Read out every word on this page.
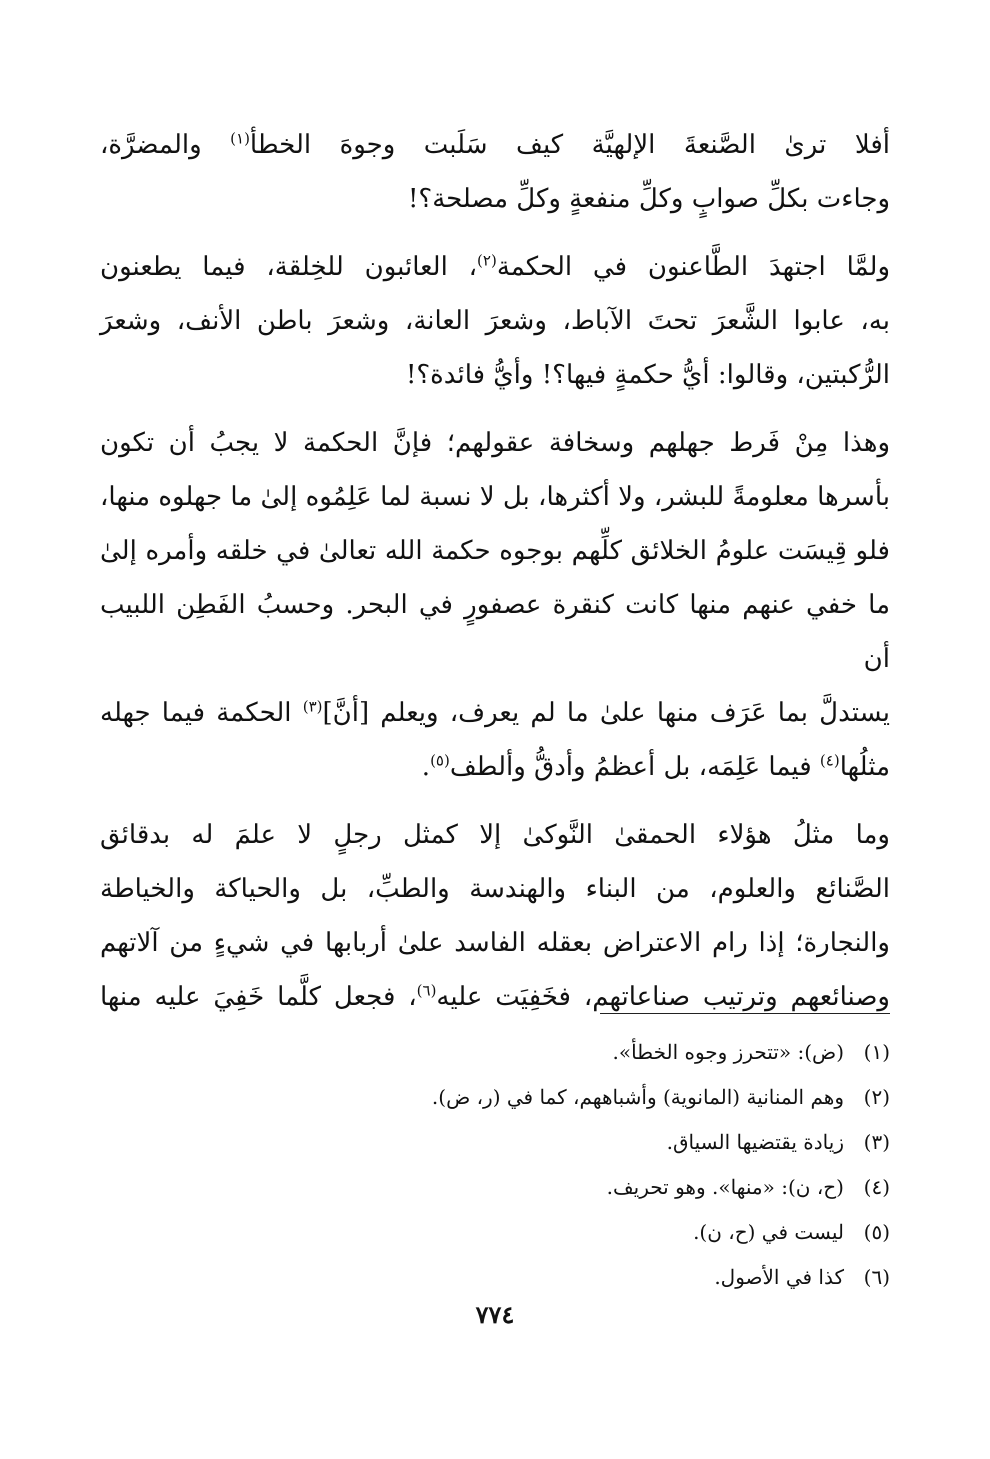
أفلا ترىٰ الصَّنعةَ الإلهيَّة كيف سَلَبت وجوهَ الخطأ$^{(١)}$ والمضرَّة،
وجاءت بكلِّ صوابٍ وكلِّ منفعةٍ وكلِّ مصلحة؟!

ولمَّا اجتهدَ الطَّاعنون في الحكمة$^{(٢)}$، العائبون للخِلقة، فيما يطعنون
به، عابوا الشَّعرَ تحتَ الآباط، وشعرَ العانة، وشعرَ باطن الأنف، وشعرَ
الرُّكبتين، وقالوا: أيُّ حكمةٍ فيها؟! وأيُّ فائدة؟!

وهذا مِنْ فَرط جهلهم وسخافة عقولهم؛ فإنَّ الحكمة لا يجبُ أن تكون
بأسرها معلومةً للبشر، ولا أكثرها، بل لا نسبة لما عَلِمُوه إلىٰ ما جهلوه منها،
فلو قِيسَت علومُ الخلائق كلِّهم بوجوه حكمة الله تعالىٰ في خلقه وأمره إلىٰ
ما خفي عنهم منها كانت كنقرة عصفورٍ في البحر. وحسبُ الفَطِن اللبيب أن
يستدلَّ بما عَرَف منها علىٰ ما لم يعرف، ويعلم [أنَّ]$^{(٣)}$ الحكمة فيما جهله
مثلُها$^{(٤)}$ فيما عَلِمَه، بل أعظمُ وأدقُّ وألطف$^{(٥)}$.

وما مثلُ هؤلاء الحمقىٰ النَّوكىٰ إلا كمثل رجلٍ لا علمَ له بدقائق
الصَّنائع والعلوم، من البناء والهندسة والطبِّ، بل والحياكة والخياطة
والنجارة؛ إذا رام الاعتراض بعقله الفاسد علىٰ أربابها في شيءٍ من آلاتهم
وصنائعهم وترتيب صناعاتهم، فخَفِيَت عليه$^{(٦)}$، فجعل كلَّما خَفِيَ عليه منها

(١)(ض): «تتحرز وجوه الخطأ».
(٢)وهم المنانية (المانوية) وأشباههم، كما في (ر، ض).
(٣)زيادة يقتضيها السياق.
(٤)(ح، ن): «منها». وهو تحريف.
(٥)ليست في (ح، ن).
(٦)كذا في الأصول.
٧٧٤
